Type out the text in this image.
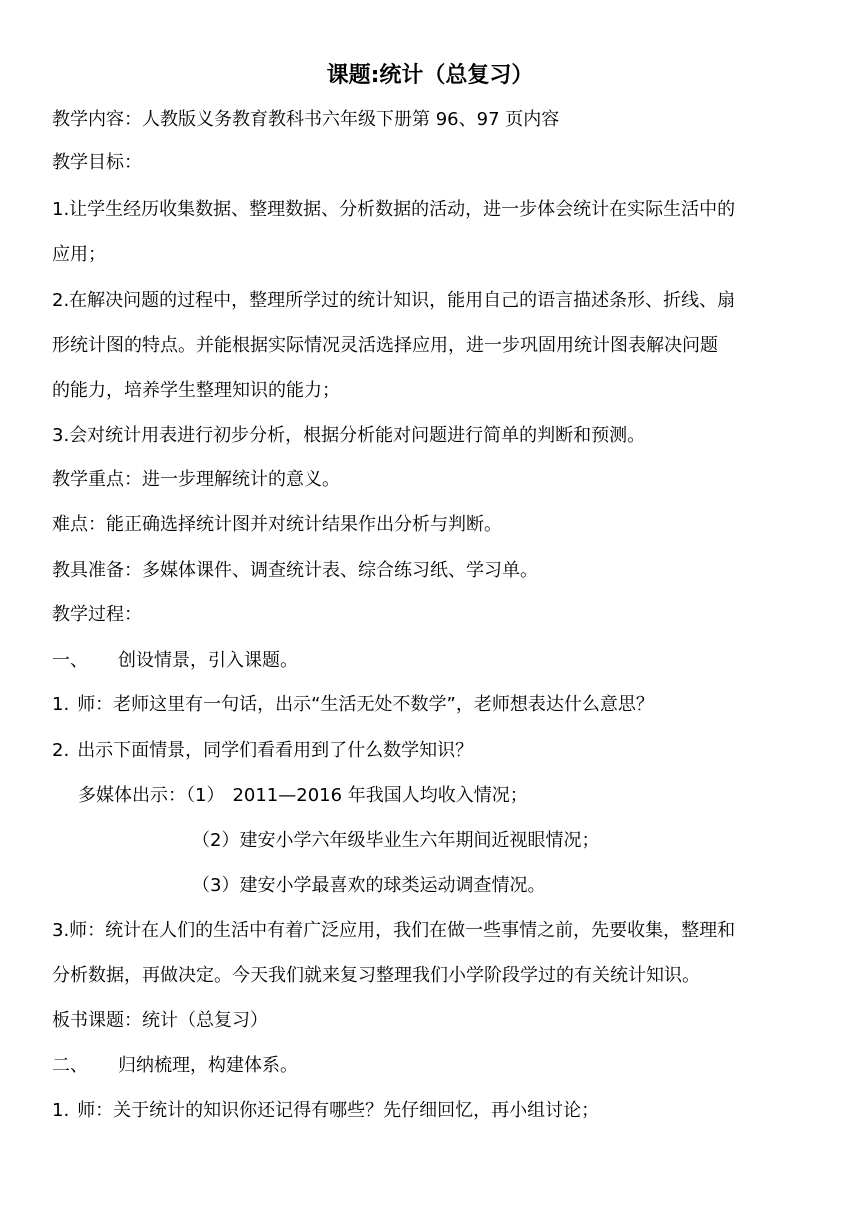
课题:统计（总复习）
教学内容：人教版义务教育教科书六年级下册第 96、97 页内容
教学目标：
1.让学生经历收集数据、整理数据、分析数据的活动，进一步体会统计在实际生活中的
应用；
2.在解决问题的过程中，整理所学过的统计知识，能用自己的语言描述条形、折线、扇
形统计图的特点。并能根据实际情况灵活选择应用，进一步巩固用统计图表解决问题
的能力，培养学生整理知识的能力；
3.会对统计用表进行初步分析，根据分析能对问题进行简单的判断和预测。
教学重点：进一步理解统计的意义。
难点：能正确选择统计图并对统计结果作出分析与判断。
教具准备：多媒体课件、调查统计表、综合练习纸、学习单。
教学过程：
一、 创设情景，引入课题。
1. 师：老师这里有一句话，出示“生活无处不数学”，老师想表达什么意思？
2. 出示下面情景，同学们看看用到了什么数学知识？
多媒体出示：（1） 2011—2016 年我国人均收入情况；
（2）建安小学六年级毕业生六年期间近视眼情况；
（3）建安小学最喜欢的球类运动调查情况。
3.师：统计在人们的生活中有着广泛应用，我们在做一些事情之前，先要收集，整理和
分析数据，再做决定。今天我们就来复习整理我们小学阶段学过的有关统计知识。
板书课题：统计（总复习）
二、 归纳梳理，构建体系。
1. 师：关于统计的知识你还记得有哪些？先仔细回忆，再小组讨论；
